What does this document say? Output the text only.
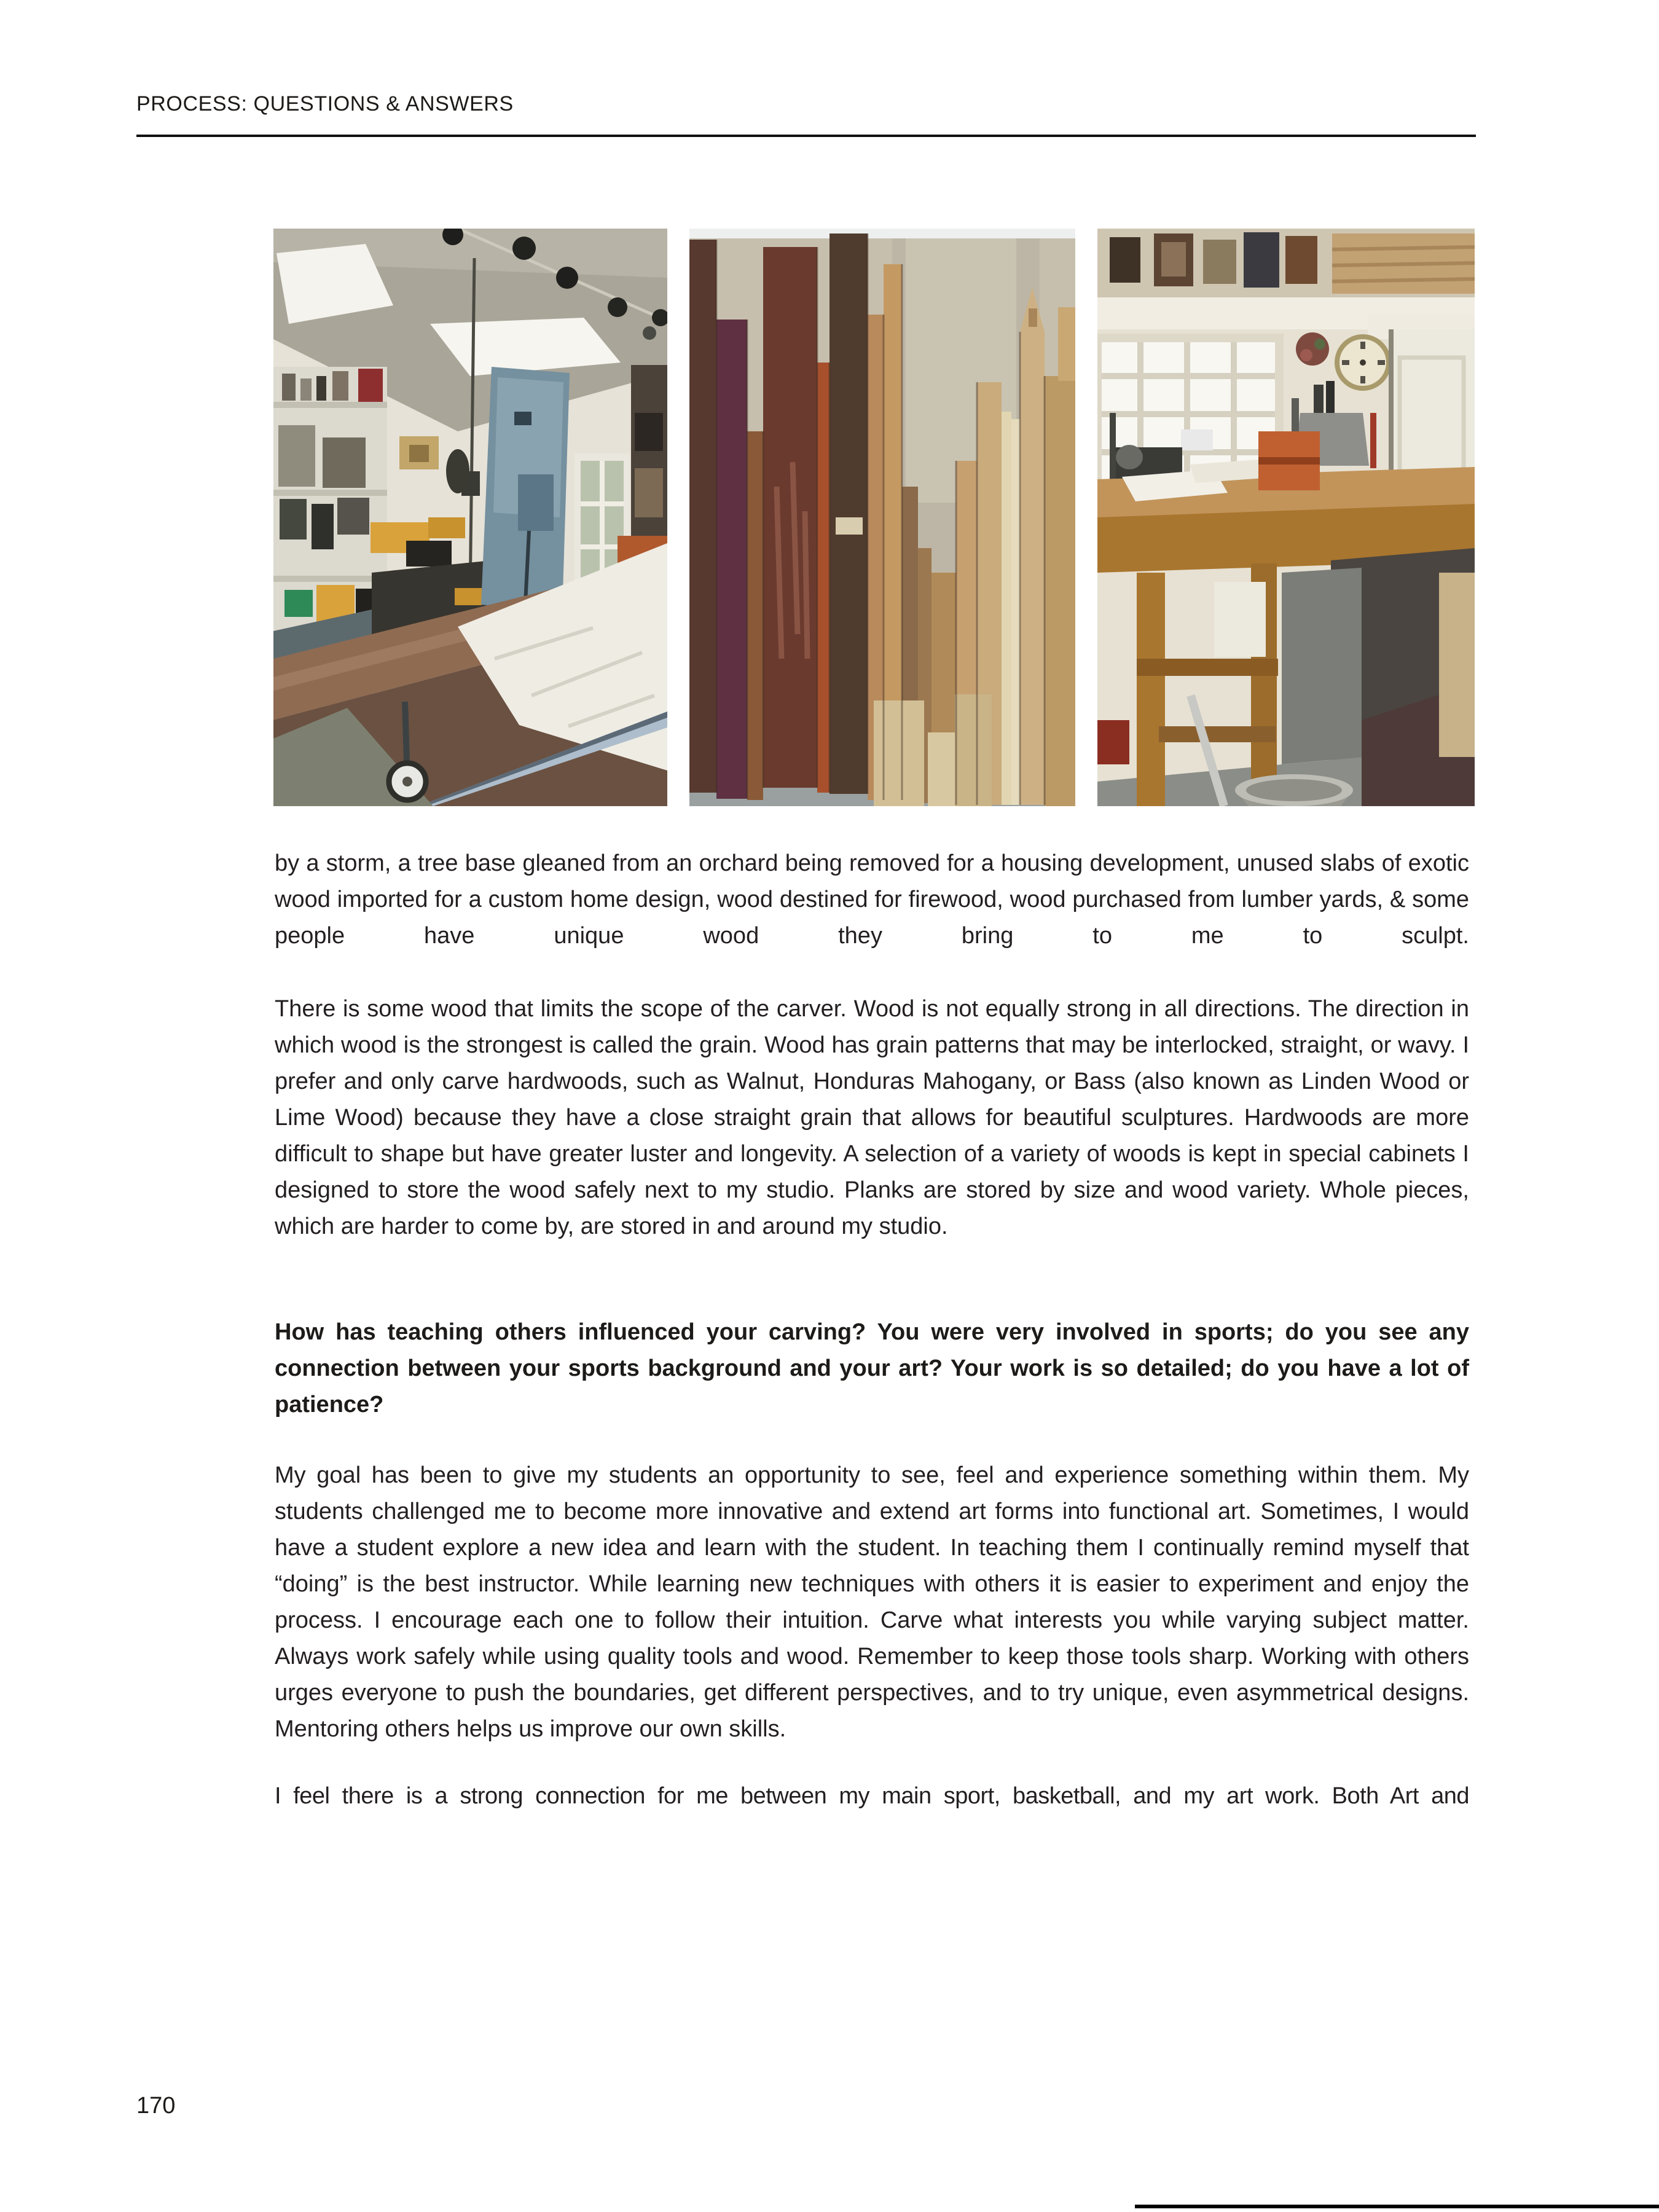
PROCESS: QUESTIONS & ANSWERS

by a storm, a tree base gleaned from an orchard being removed for a housing development, unused slabs of exotic wood imported for a custom home design, wood destined for firewood, wood purchased from lumber yards, & some people have unique wood they bring to me to sculpt.

There is some wood that limits the scope of the carver. Wood is not equally strong in all directions. The direction in which wood is the strongest is called the grain. Wood has grain patterns that may be interlocked, straight, or wavy. I prefer and only carve hardwoods, such as Walnut, Honduras Mahogany, or Bass (also known as Linden Wood or Lime Wood) because they have a close straight grain that allows for beautiful sculptures. Hardwoods are more difficult to shape but have greater luster and longevity. A selection of a variety of woods is kept in special cabinets I designed to store the wood safely next to my studio. Planks are stored by size and wood variety. Whole pieces, which are harder to come by, are stored in and around my studio.

How has teaching others influenced your carving? You were very involved in sports; do you see any connection between your sports background and your art? Your work is so detailed; do you have a lot of patience?

My goal has been to give my students an opportunity to see, feel and experience something within them. My students challenged me to become more innovative and extend art forms into functional art. Sometimes, I would have a student explore a new idea and learn with the student. In teaching them I continually remind myself that “doing” is the best instructor. While learning new techniques with others it is easier to experiment and enjoy the process. I encourage each one to follow their intuition. Carve what interests you while varying subject matter. Always work safely while using quality tools and wood. Remember to keep those tools sharp. Working with others urges everyone to push the boundaries, get different perspectives, and to try unique, even asymmetrical designs. Mentoring others helps us improve our own skills.

I feel there is a strong connection for me between my main sport, basketball, and my art work. Both Art and

170
